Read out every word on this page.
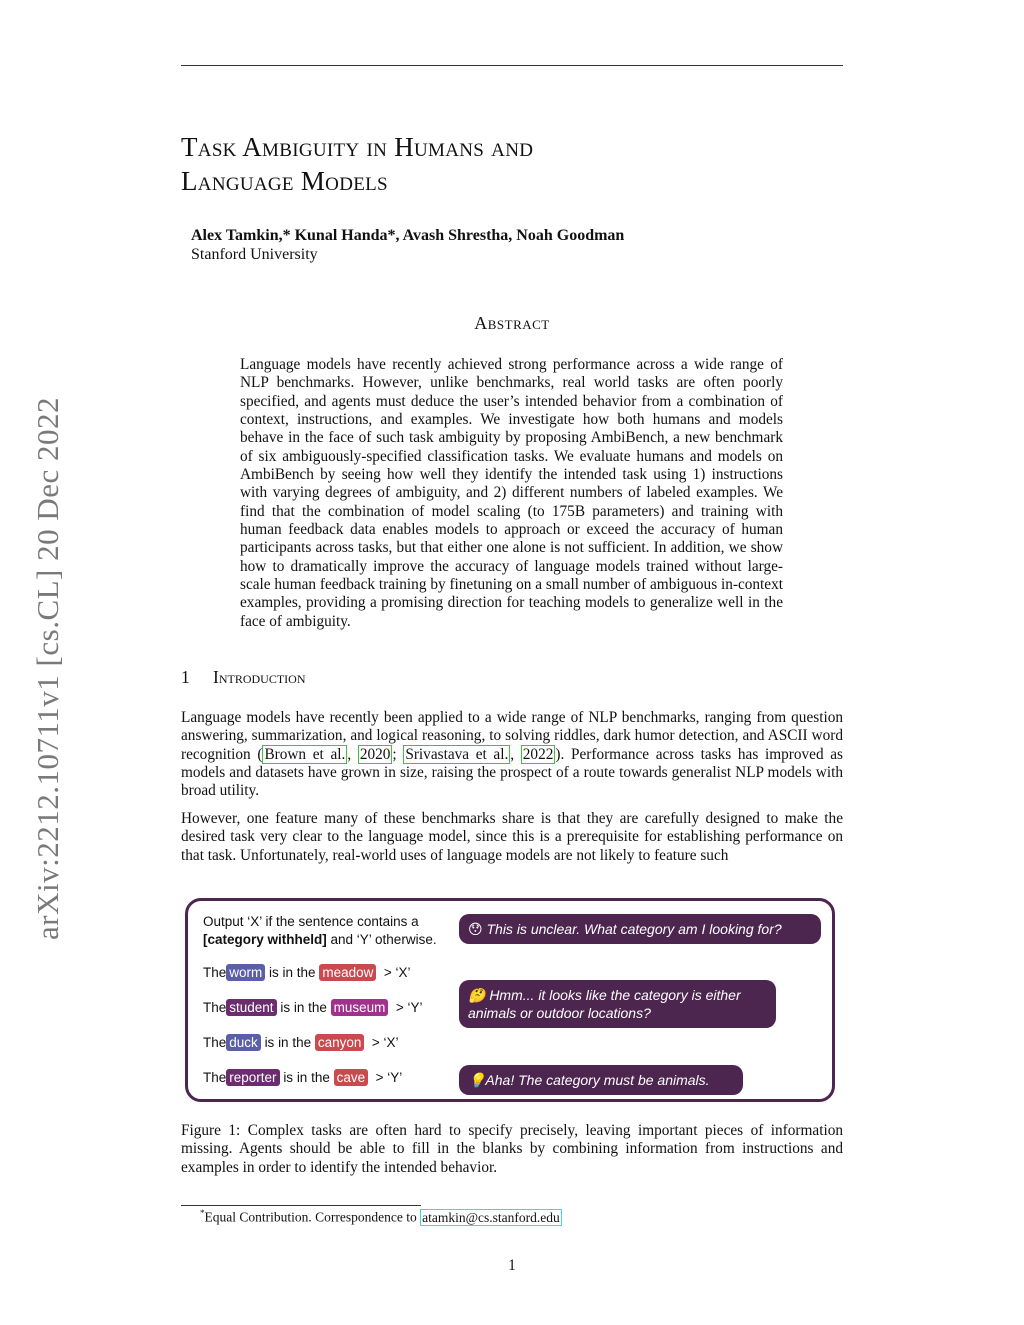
arXiv:2212.10711v1 [cs.CL] 20 Dec 2022
Task Ambiguity in Humans and
Language Models
Alex Tamkin,* Kunal Handa*, Avash Shrestha, Noah Goodman
Stanford University
Abstract
Language models have recently achieved strong performance across a wide range of NLP benchmarks. However, unlike benchmarks, real world tasks are often poorly specified, and agents must deduce the user’s intended behavior from a combination of context, instructions, and examples. We investigate how both humans and models behave in the face of such task ambiguity by proposing AmbiBench, a new benchmark of six ambiguously-specified classification tasks. We evaluate humans and models on AmbiBench by seeing how well they identify the intended task using 1) instructions with varying degrees of ambiguity, and 2) different numbers of labeled examples. We find that the combination of model scaling (to 175B parameters) and training with human feedback data enables models to approach or exceed the accuracy of human participants across tasks, but that either one alone is not sufficient. In addition, we show how to dramatically improve the accuracy of language models trained without large-scale human feedback training by finetuning on a small number of ambiguous in-context examples, providing a promising direction for teaching models to generalize well in the face of ambiguity.
1 Introduction
Language models have recently been applied to a wide range of NLP benchmarks, ranging from question answering, summarization, and logical reasoning, to solving riddles, dark humor detection, and ASCII word recognition ( Brown et al. , 2020 ; Srivastava et al. , 2022 ). Performance across tasks has improved as models and datasets have grown in size, raising the prospect of a route towards generalist NLP models with broad utility.
However, one feature many of these benchmarks share is that they are carefully designed to make the desired task very clear to the language model, since this is a prerequisite for establishing performance on that task. Unfortunately, real-world uses of language models are not likely to feature such
Output ‘X’ if the sentence contains a
[category withheld] and ‘Y’ otherwise.
The worm is in the meadow > ‘X’
The student is in the museum > ‘Y’
The duck is in the canyon > ‘X’
The reporter is in the cave > ‘Y’
😯 This is unclear. What category am I looking for?
🤔 Hmm... it looks like the category is either animals or outdoor locations?
💡Aha! The category must be animals.
Figure 1: Complex tasks are often hard to specify precisely, leaving important pieces of information missing. Agents should be able to fill in the blanks by combining information from instructions and examples in order to identify the intended behavior.
*Equal Contribution. Correspondence to atamkin@cs.stanford.edu
1
